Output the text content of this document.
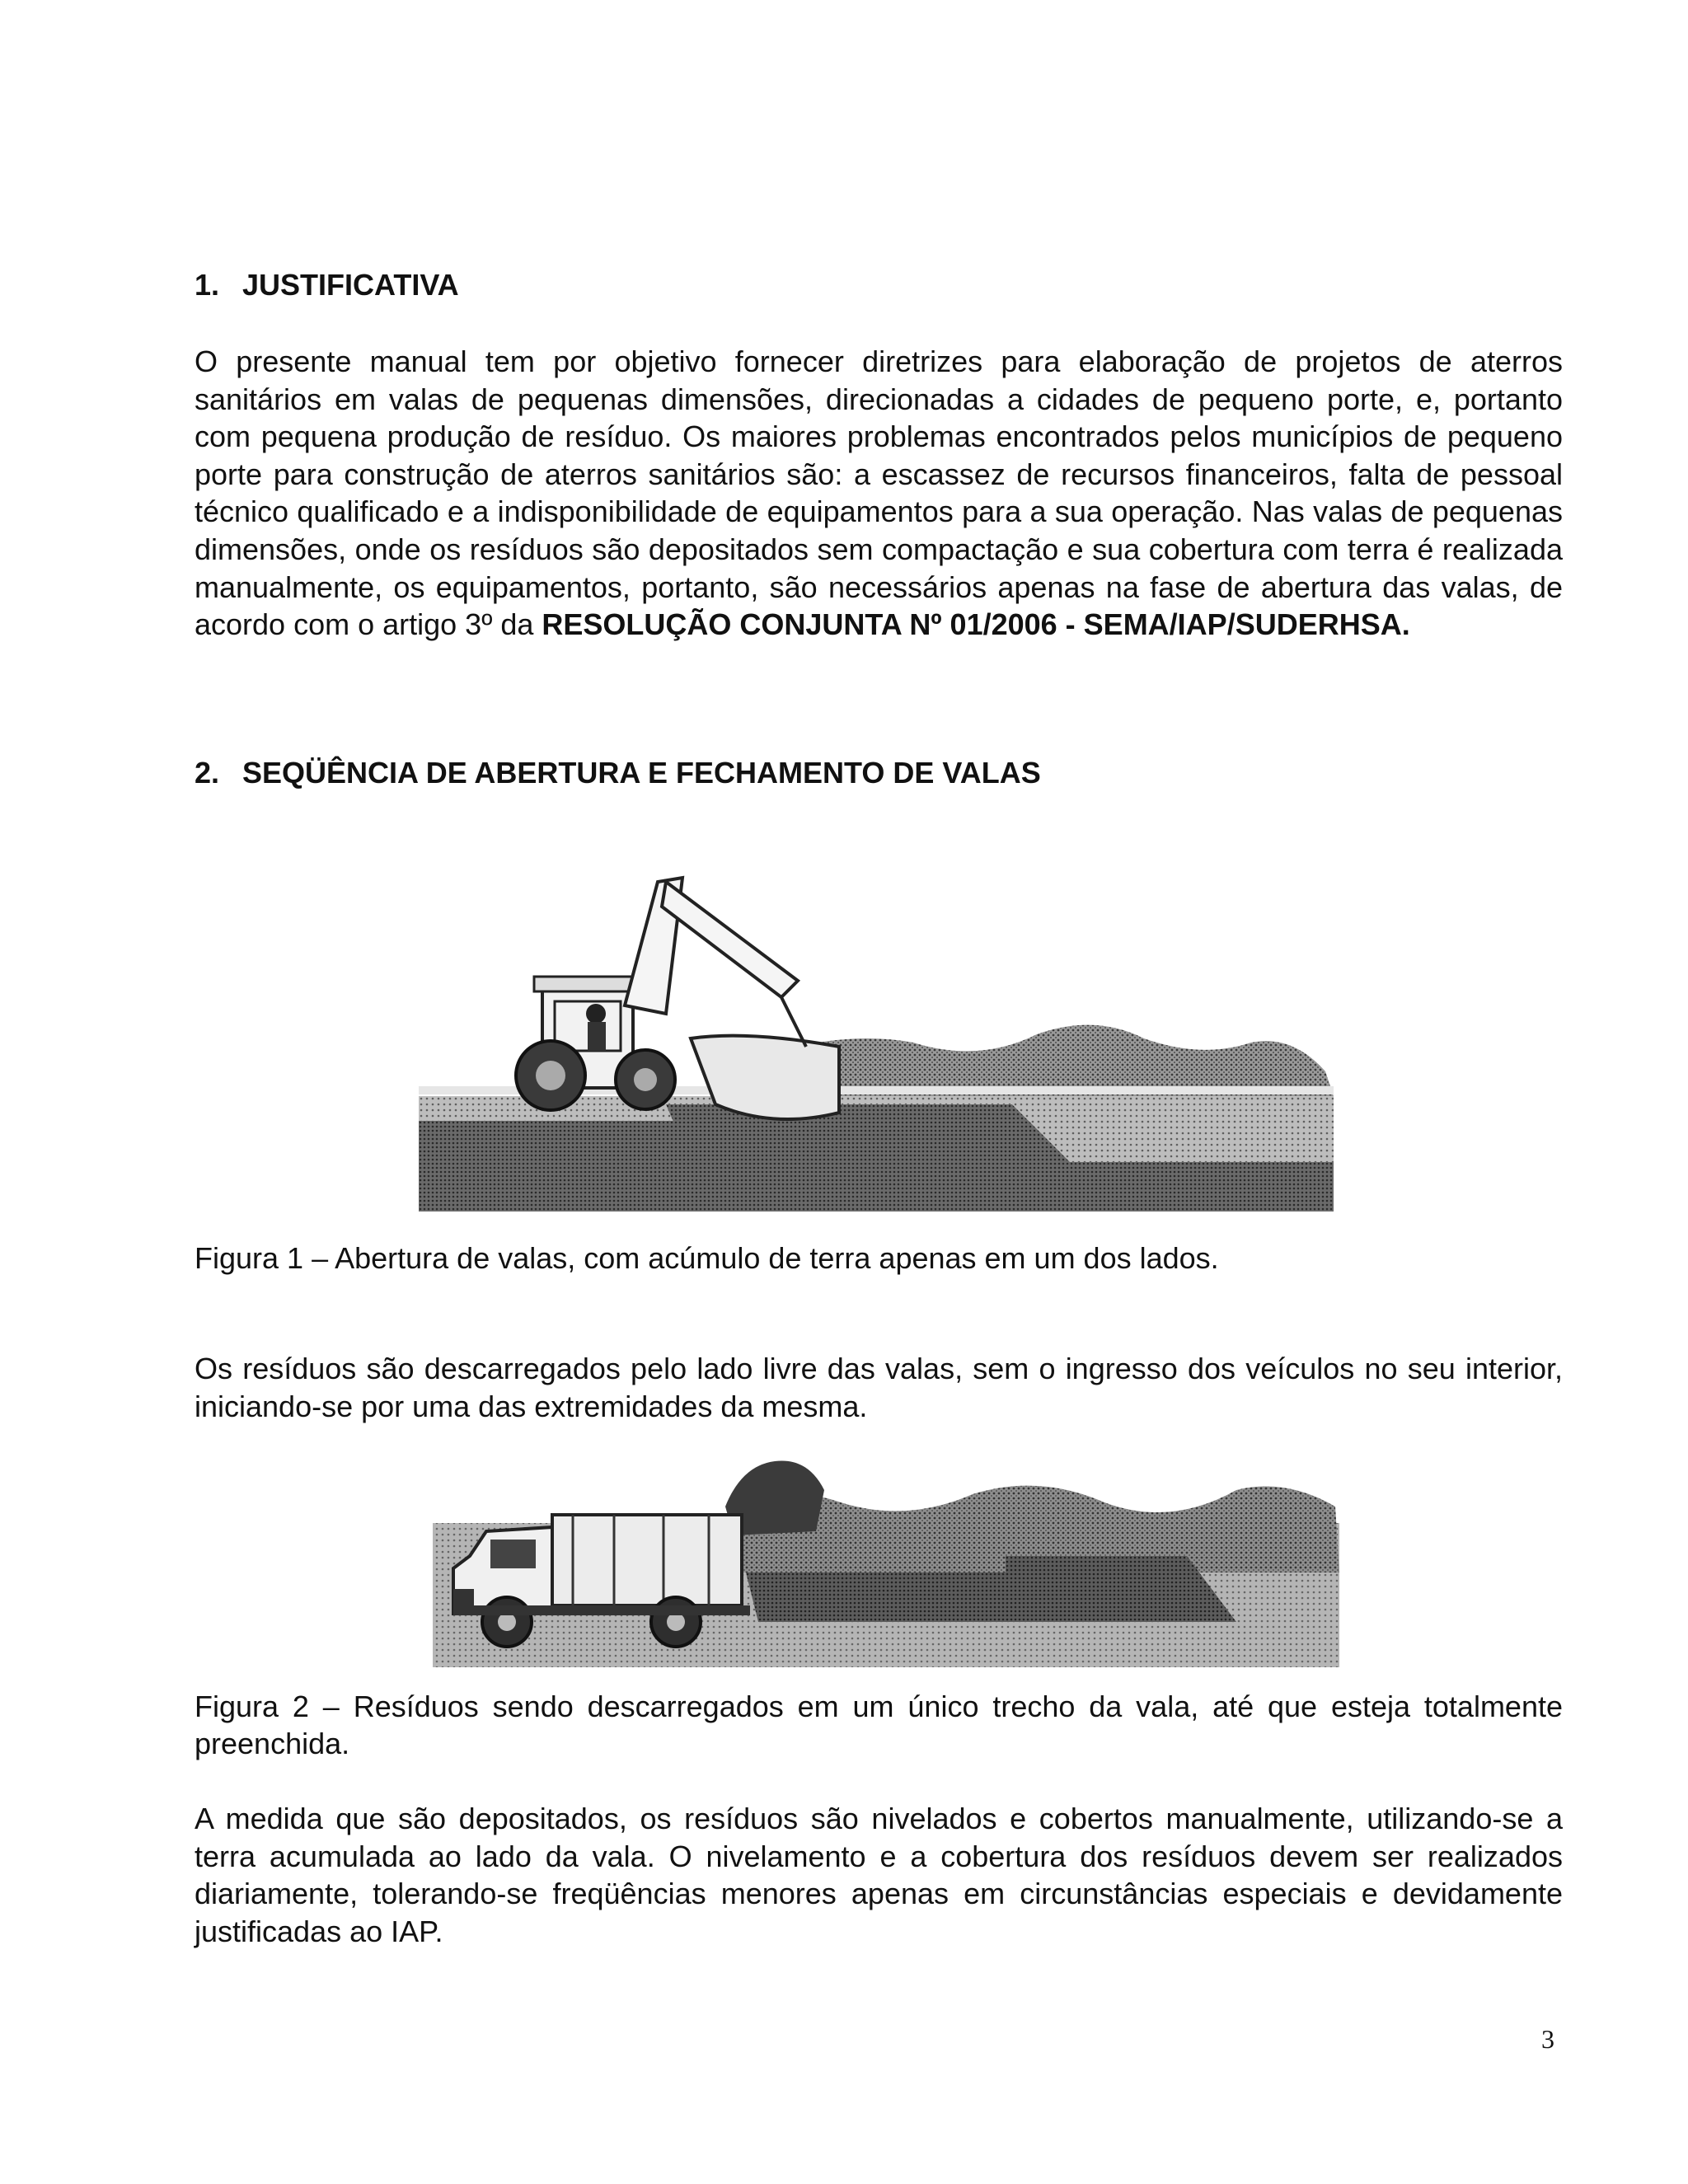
1. JUSTIFICATIVA

O presente manual tem por objetivo fornecer diretrizes para elaboração de projetos de aterros sanitários em valas de pequenas dimensões, direcionadas a cidades de pequeno porte, e, portanto com pequena produção de resíduo. Os maiores problemas encontrados pelos municípios de pequeno porte para construção de aterros sanitários são: a escassez de recursos financeiros, falta de pessoal técnico qualificado e a indisponibilidade de equipamentos para a sua operação. Nas valas de pequenas dimensões, onde os resíduos são depositados sem compactação e sua cobertura com terra é realizada manualmente, os equipamentos, portanto, são necessários apenas na fase de abertura das valas, de acordo com o artigo 3º da RESOLUÇÃO CONJUNTA Nº 01/2006 - SEMA/IAP/SUDERHSA.

2. SEQÜÊNCIA DE ABERTURA E FECHAMENTO DE VALAS

Figura 1 – Abertura de valas, com acúmulo de terra apenas em um dos lados.

Os resíduos são descarregados pelo lado livre das valas, sem o ingresso dos veículos no seu interior, iniciando-se por uma das extremidades da mesma.

Figura 2 – Resíduos sendo descarregados em um único trecho da vala, até que esteja totalmente preenchida.

A medida que são depositados, os resíduos são nivelados e cobertos manualmente, utilizando-se a terra acumulada ao lado da vala. O nivelamento e a cobertura dos resíduos devem ser realizados diariamente, tolerando-se freqüências menores apenas em circunstâncias especiais e devidamente justificadas ao IAP.

3
